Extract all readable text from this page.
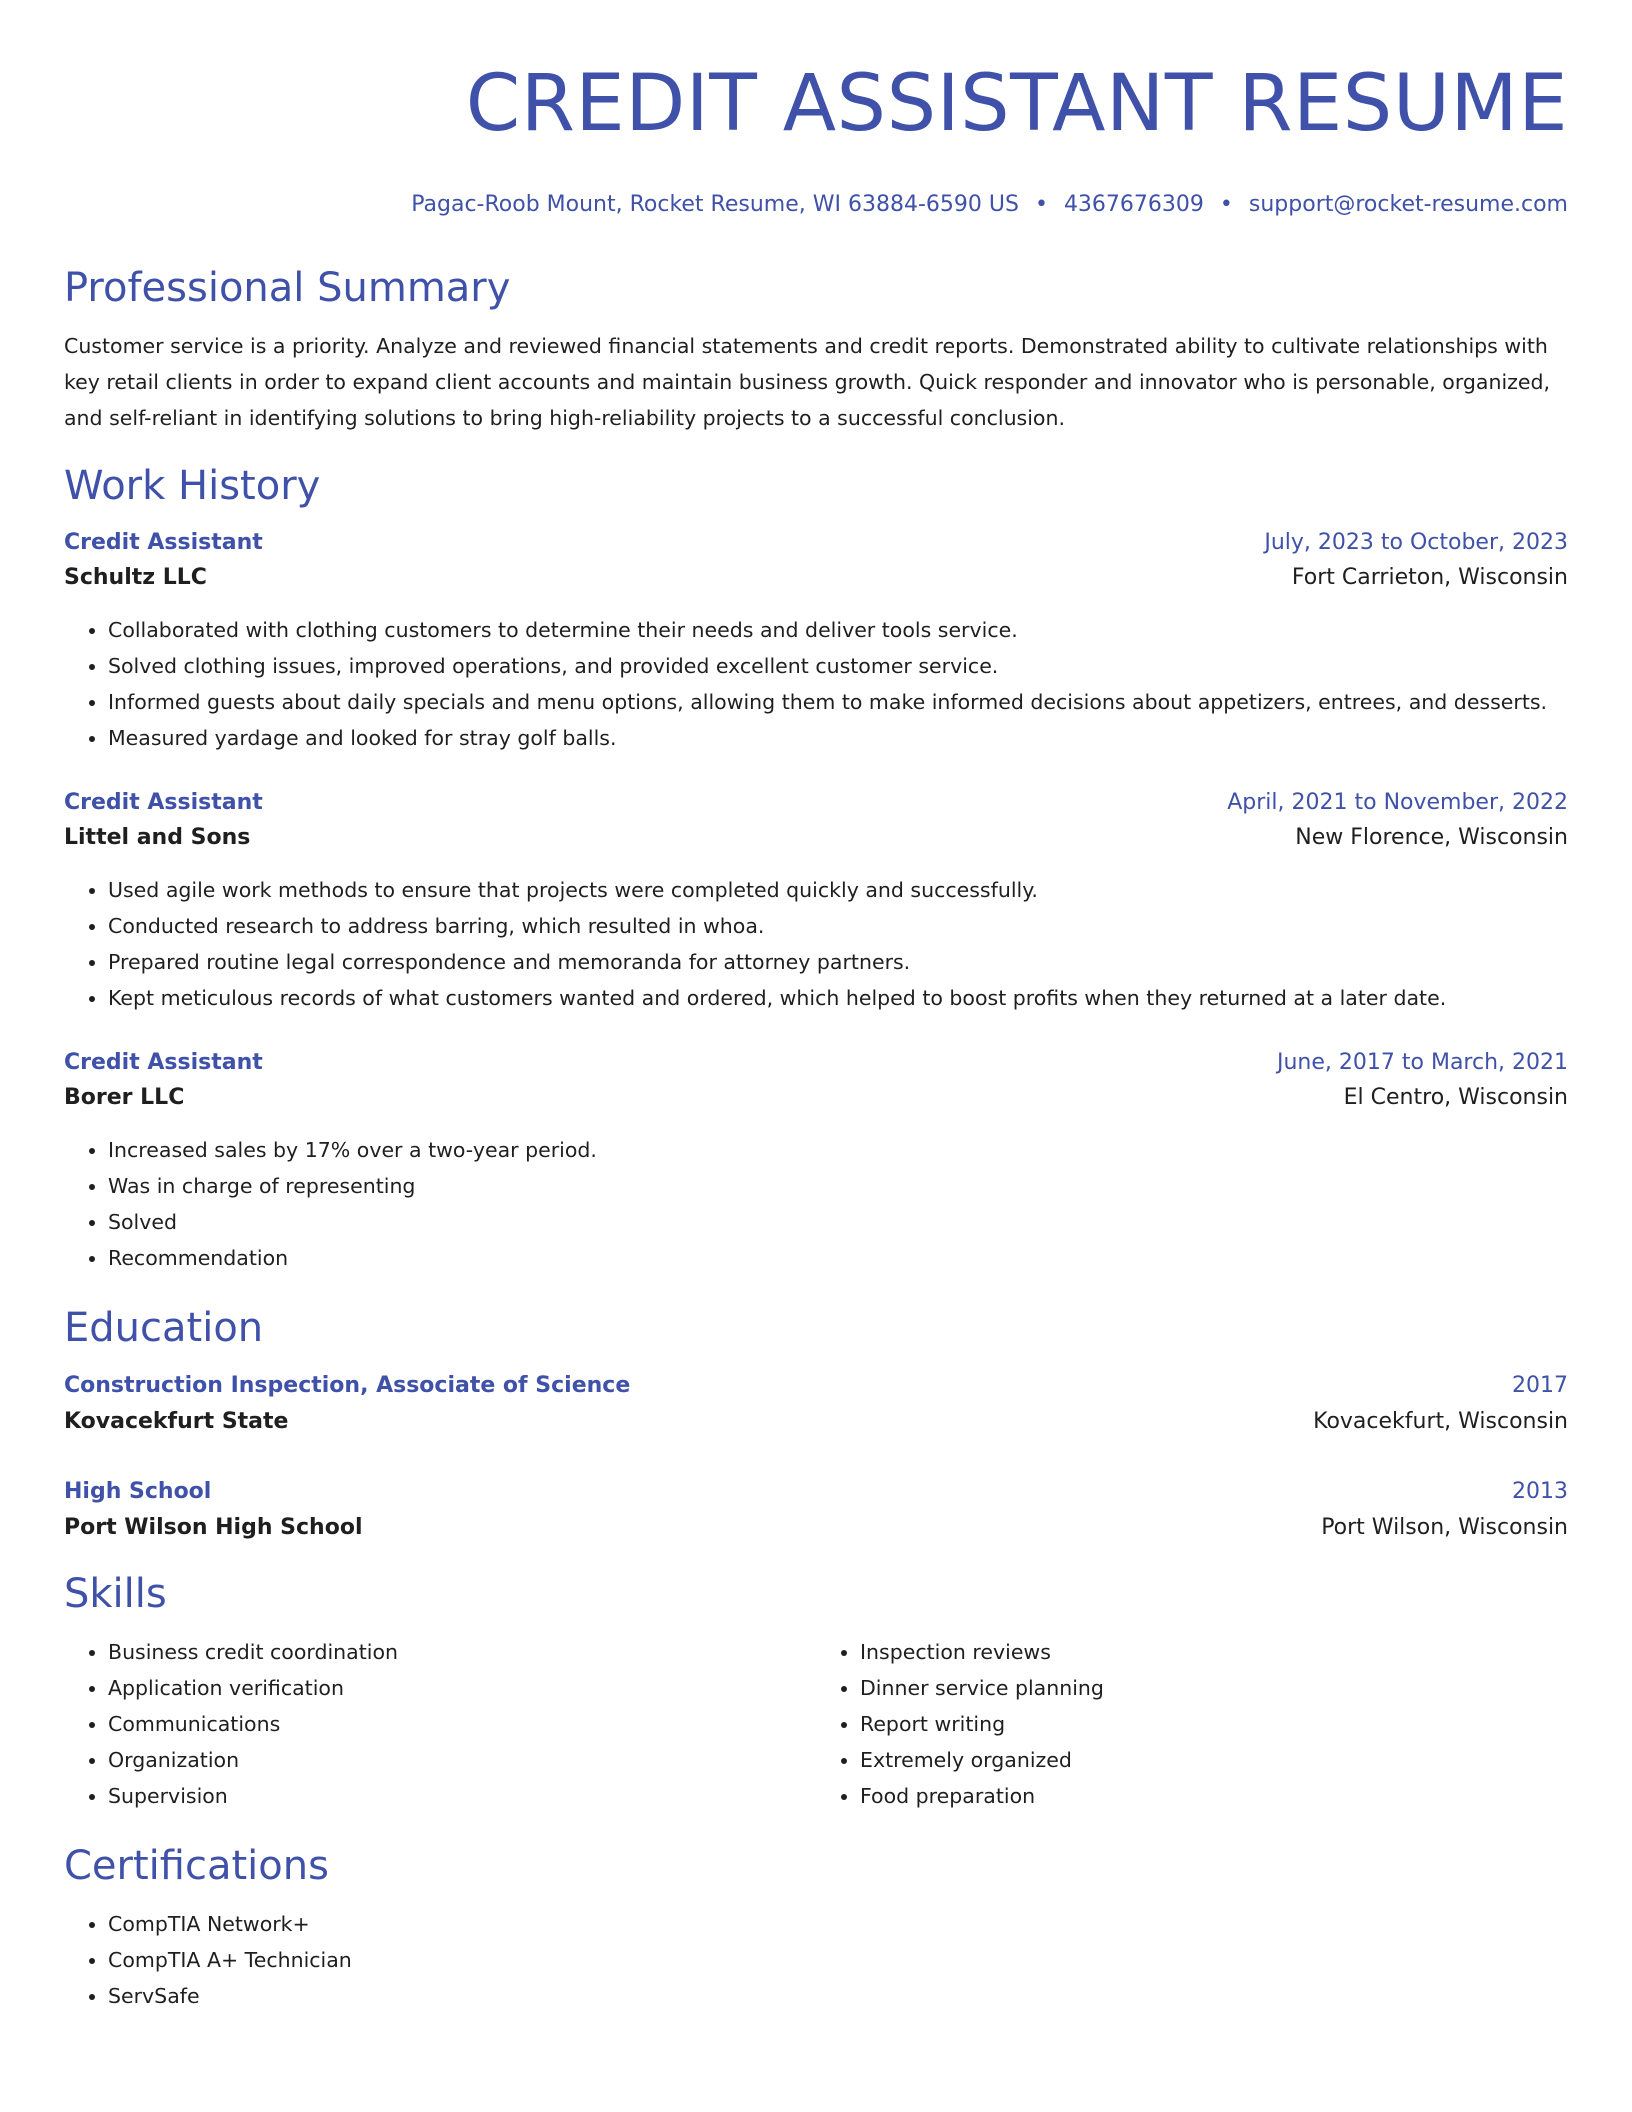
CREDIT ASSISTANT RESUME
Pagac-Roob Mount, Rocket Resume, WI 63884-6590 US • 4367676309 • support@rocket-resume.com
Professional Summary

Customer service is a priority. Analyze and reviewed financial statements and credit reports. Demonstrated ability to cultivate relationships with key retail clients in order to expand client accounts and maintain business growth. Quick responder and innovator who is personable, organized, and self-reliant in identifying solutions to bring high-reliability projects to a successful conclusion.

Work History
Credit Assistant	July, 2023 to October, 2023
Schultz LLC	Fort Carrieton, Wisconsin
• Collaborated with clothing customers to determine their needs and deliver tools service.
• Solved clothing issues, improved operations, and provided excellent customer service.
• Informed guests about daily specials and menu options, allowing them to make informed decisions about appetizers, entrees, and desserts.
• Measured yardage and looked for stray golf balls.
Credit Assistant	April, 2021 to November, 2022
Littel and Sons	New Florence, Wisconsin
• Used agile work methods to ensure that projects were completed quickly and successfully.
• Conducted research to address barring, which resulted in whoa.
• Prepared routine legal correspondence and memoranda for attorney partners.
• Kept meticulous records of what customers wanted and ordered, which helped to boost profits when they returned at a later date.
Credit Assistant	June, 2017 to March, 2021
Borer LLC	El Centro, Wisconsin
• Increased sales by 17% over a two-year period.
• Was in charge of representing
• Solved
• Recommendation
Education
Construction Inspection, Associate of Science	2017
Kovacekfurt State	Kovacekfurt, Wisconsin
High School	2013
Port Wilson High School	Port Wilson, Wisconsin
Skills
• Business credit coordination
• Application verification
• Communications
• Organization
• Supervision
• Inspection reviews
• Dinner service planning
• Report writing
• Extremely organized
• Food preparation
Certifications
• CompTIA Network+
• CompTIA A+ Technician
• ServSafe
